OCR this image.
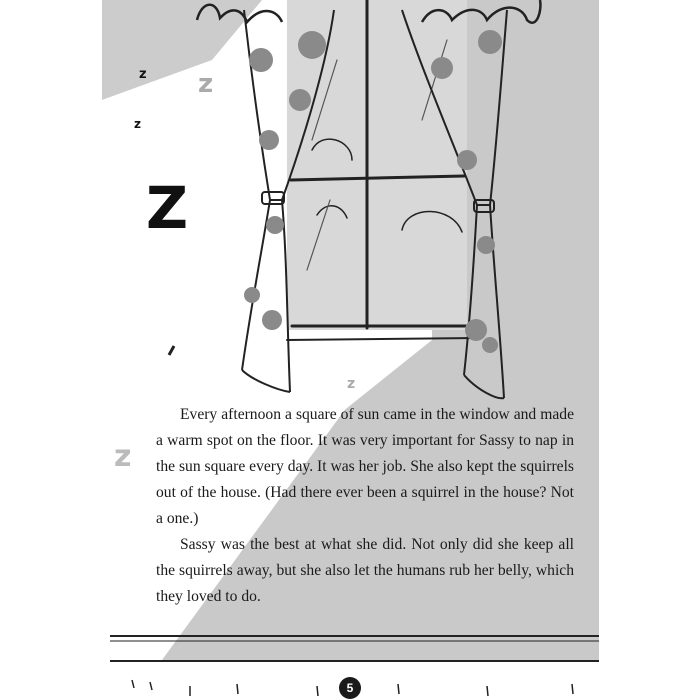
Z
z z
z
z
z

Every afternoon a square of sun came in the window and made a warm spot on the floor. It was very important for Sassy to nap in the sun square every day. It was her job. She also kept the squirrels out of the house. (Had there ever been a squirrel in the house? Not a one.)

Sassy was the best at what she did. Not only did she keep all the squirrels away, but she also let the humans rub her belly, which they loved to do.

5
